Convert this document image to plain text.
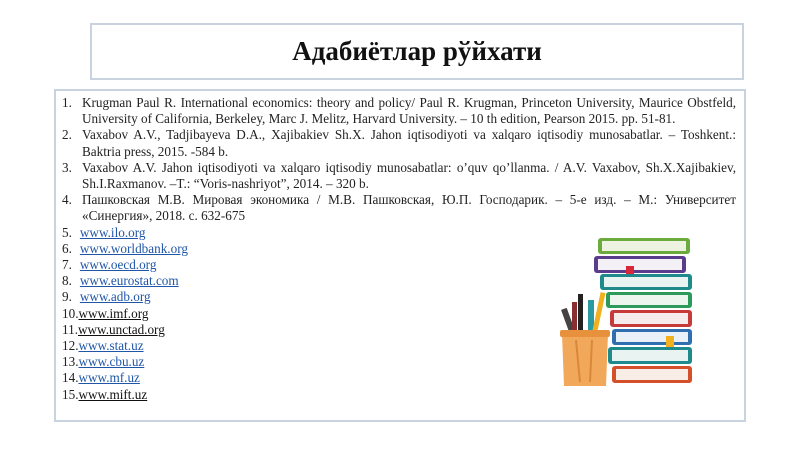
Адабиётлар рўйхати
1. Krugman Paul R. International economics: theory and policy/ Paul R. Krugman, Princeton University, Maurice Obstfeld, University of California, Berkeley, Marc J. Melitz, Harvard University. – 10 th edition, Pearson 2015. pp. 51-81.
2. Vaxabov A.V., Tadjibayeva D.A., Xajibakiev Sh.X. Jahon iqtisodiyoti va xalqaro iqtisodiy munosabatlar. – Toshkent.: Baktria press, 2015. -584 b.
3. Vaxabov A.V. Jahon iqtisodiyoti va xalqaro iqtisodiy munosabatlar: o’quv qo’llanma. / A.V. Vaxabov, Sh.X.Xajibakiev, Sh.I.Raxmanov. –T.: “Voris-nashriyot”, 2014. – 320 b.
4. Пашковская М.В. Мировая экономика / М.В. Пашковская, Ю.П. Господарик. – 5-е изд. – М.: Университет «Синергия», 2018. с. 632-675
5. www.ilo.org
6. www.worldbank.org
7. www.oecd.org
8. www.eurostat.com
9. www.adb.org
10. www.imf.org
11. www.unctad.org
12. www.stat.uz
13. www.cbu.uz
14. www.mf.uz
15. www.mift.uz
